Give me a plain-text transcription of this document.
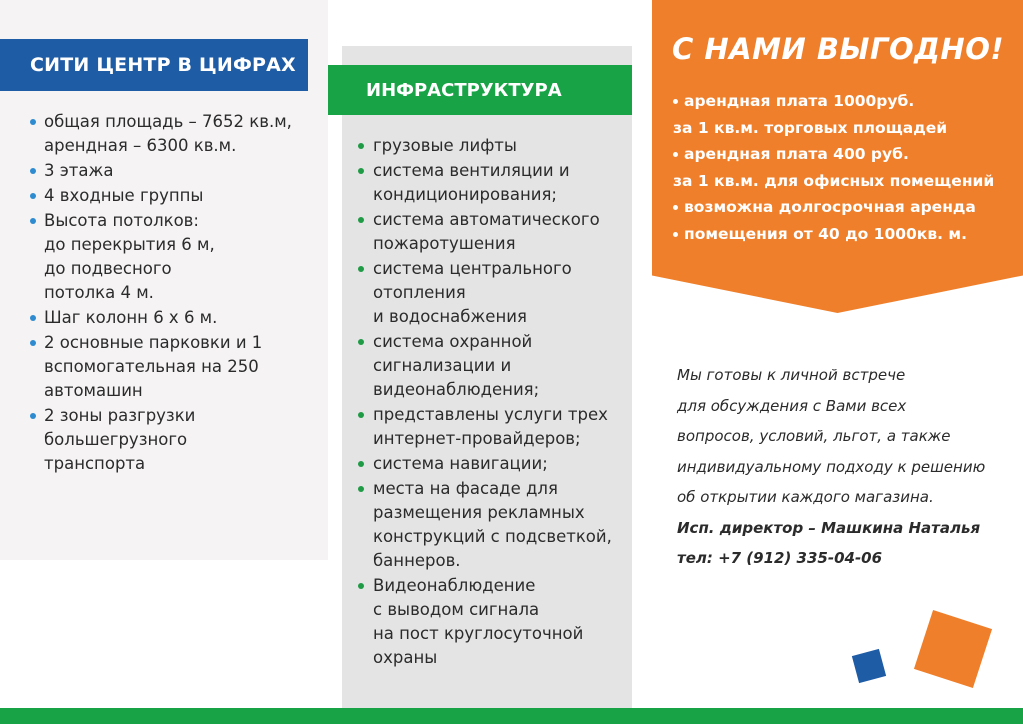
СИТИ ЦЕНТР В ЦИФРАХ
общая площадь – 7652 кв.м,
арендная – 6300 кв.м.
3 этажа
4 входные группы
Высота потолков:
до перекрытия 6 м,
до подвесного
потолка 4 м.
Шаг колонн 6 х 6 м.
2 основные парковки и 1
вспомогательная на 250
автомашин
2 зоны разгрузки
большегрузного
транспорта
ИНФРАСТРУКТУРА
грузовые лифты
система вентиляции и
кондиционирования;
система автоматического
пожаротушения
система центрального
отопления
и водоснабжения
система охранной
сигнализации и
видеонаблюдения;
представлены услуги трех
интернет-провайдеров;
система навигации;
места на фасаде для
размещения рекламных
конструкций с подсветкой,
баннеров.
Видеонаблюдение
с выводом сигнала
на пост круглосуточной
охраны
С НАМИ ВЫГОДНО!
арендная плата 1000руб.
за 1 кв.м. торговых площадей
арендная плата 400 руб.
за 1 кв.м. для офисных помещений
возможна долгосрочная аренда
помещения от 40 до 1000кв. м.
Мы готовы к личной встрече
для обсуждения с Вами всех
вопросов, условий, льгот, а также
индивидуальному подходу к решению
об открытии каждого магазина.
Исп. директор – Машкина Наталья
тел: +7 (912) 335-04-06
